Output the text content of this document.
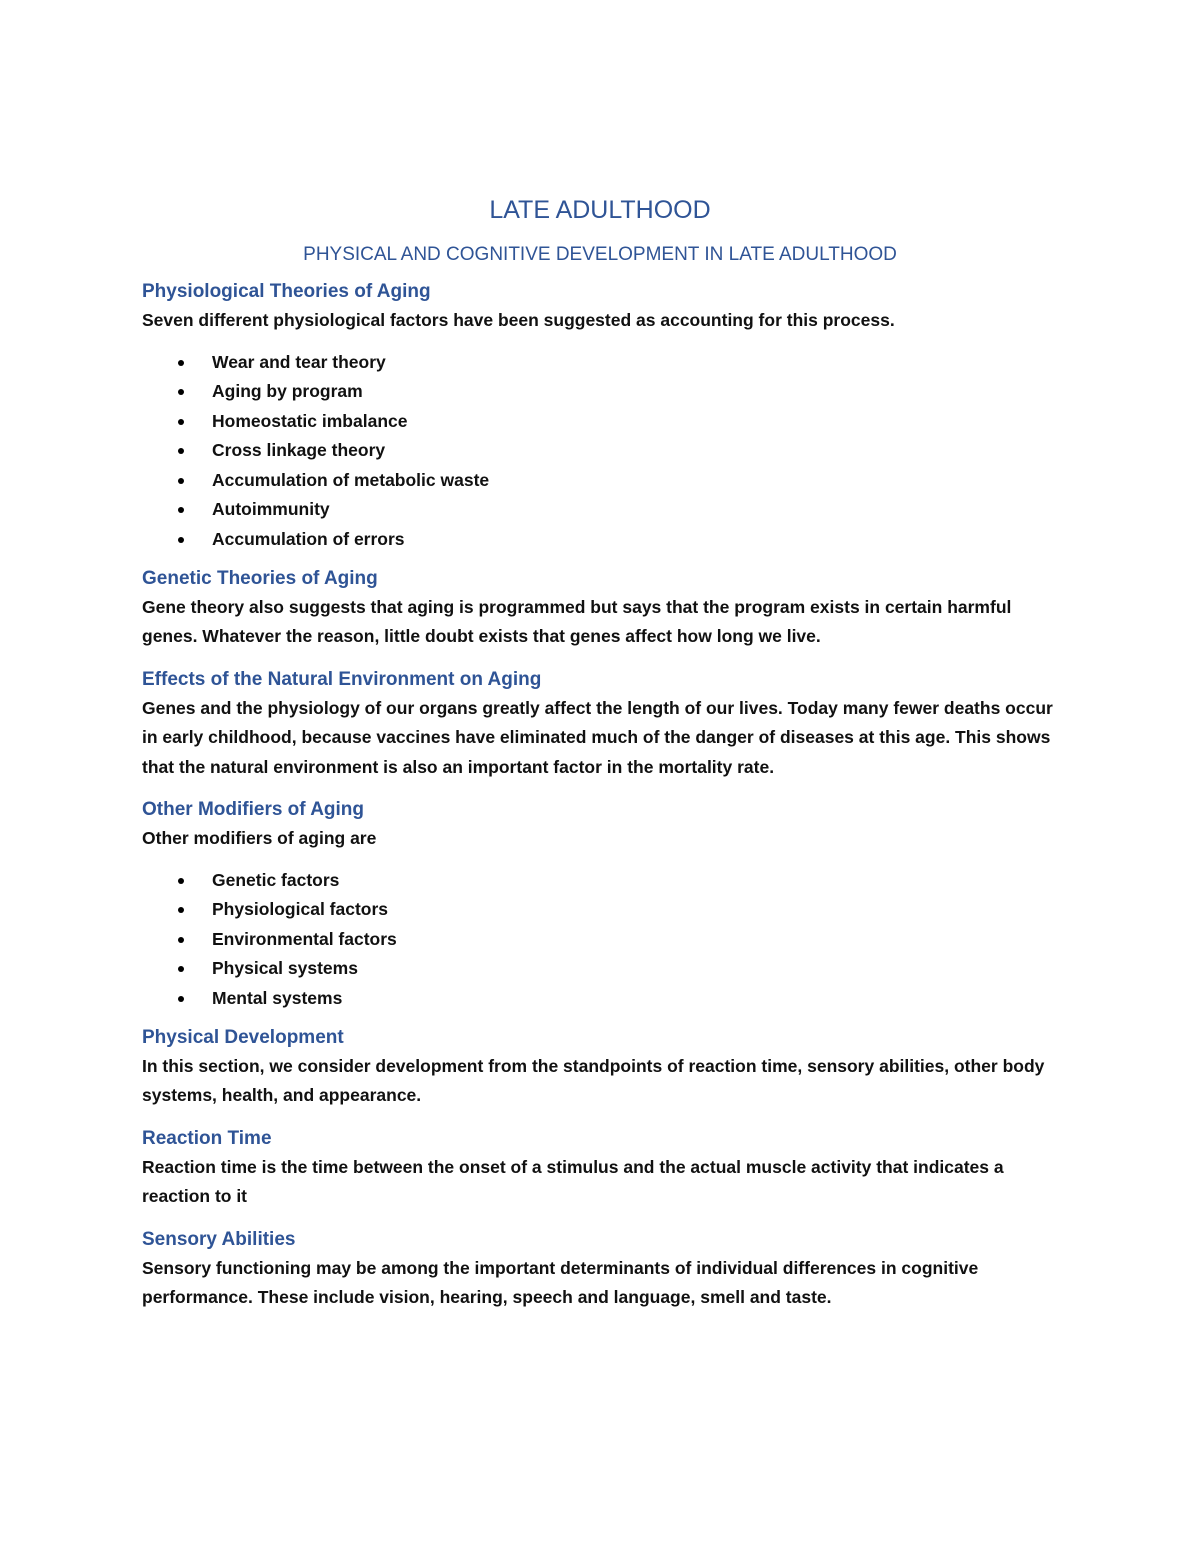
LATE ADULTHOOD
PHYSICAL AND COGNITIVE DEVELOPMENT IN LATE ADULTHOOD
Physiological Theories of Aging

Seven different physiological factors have been suggested as accounting for this process.

Wear and tear theory
Aging by program
Homeostatic imbalance
Cross linkage theory
Accumulation of metabolic waste
Autoimmunity
Accumulation of errors
Genetic Theories of Aging

Gene theory also suggests that aging is programmed but says that the program exists in certain harmful genes. Whatever the reason, little doubt exists that genes affect how long we live.

Effects of the Natural Environment on Aging

Genes and the physiology of our organs greatly affect the length of our lives. Today many fewer deaths occur in early childhood, because vaccines have eliminated much of the danger of diseases at this age. This shows that the natural environment is also an important factor in the mortality rate.

Other Modifiers of Aging

Other modifiers of aging are

Genetic factors
Physiological factors
Environmental factors
Physical systems
Mental systems
Physical Development

In this section, we consider development from the standpoints of reaction time, sensory abilities, other body systems, health, and appearance.

Reaction Time

Reaction time is the time between the onset of a stimulus and the actual muscle activity that indicates a reaction to it

Sensory Abilities

Sensory functioning may be among the important determinants of individual differences in cognitive performance. These include vision, hearing, speech and language, smell and taste.
